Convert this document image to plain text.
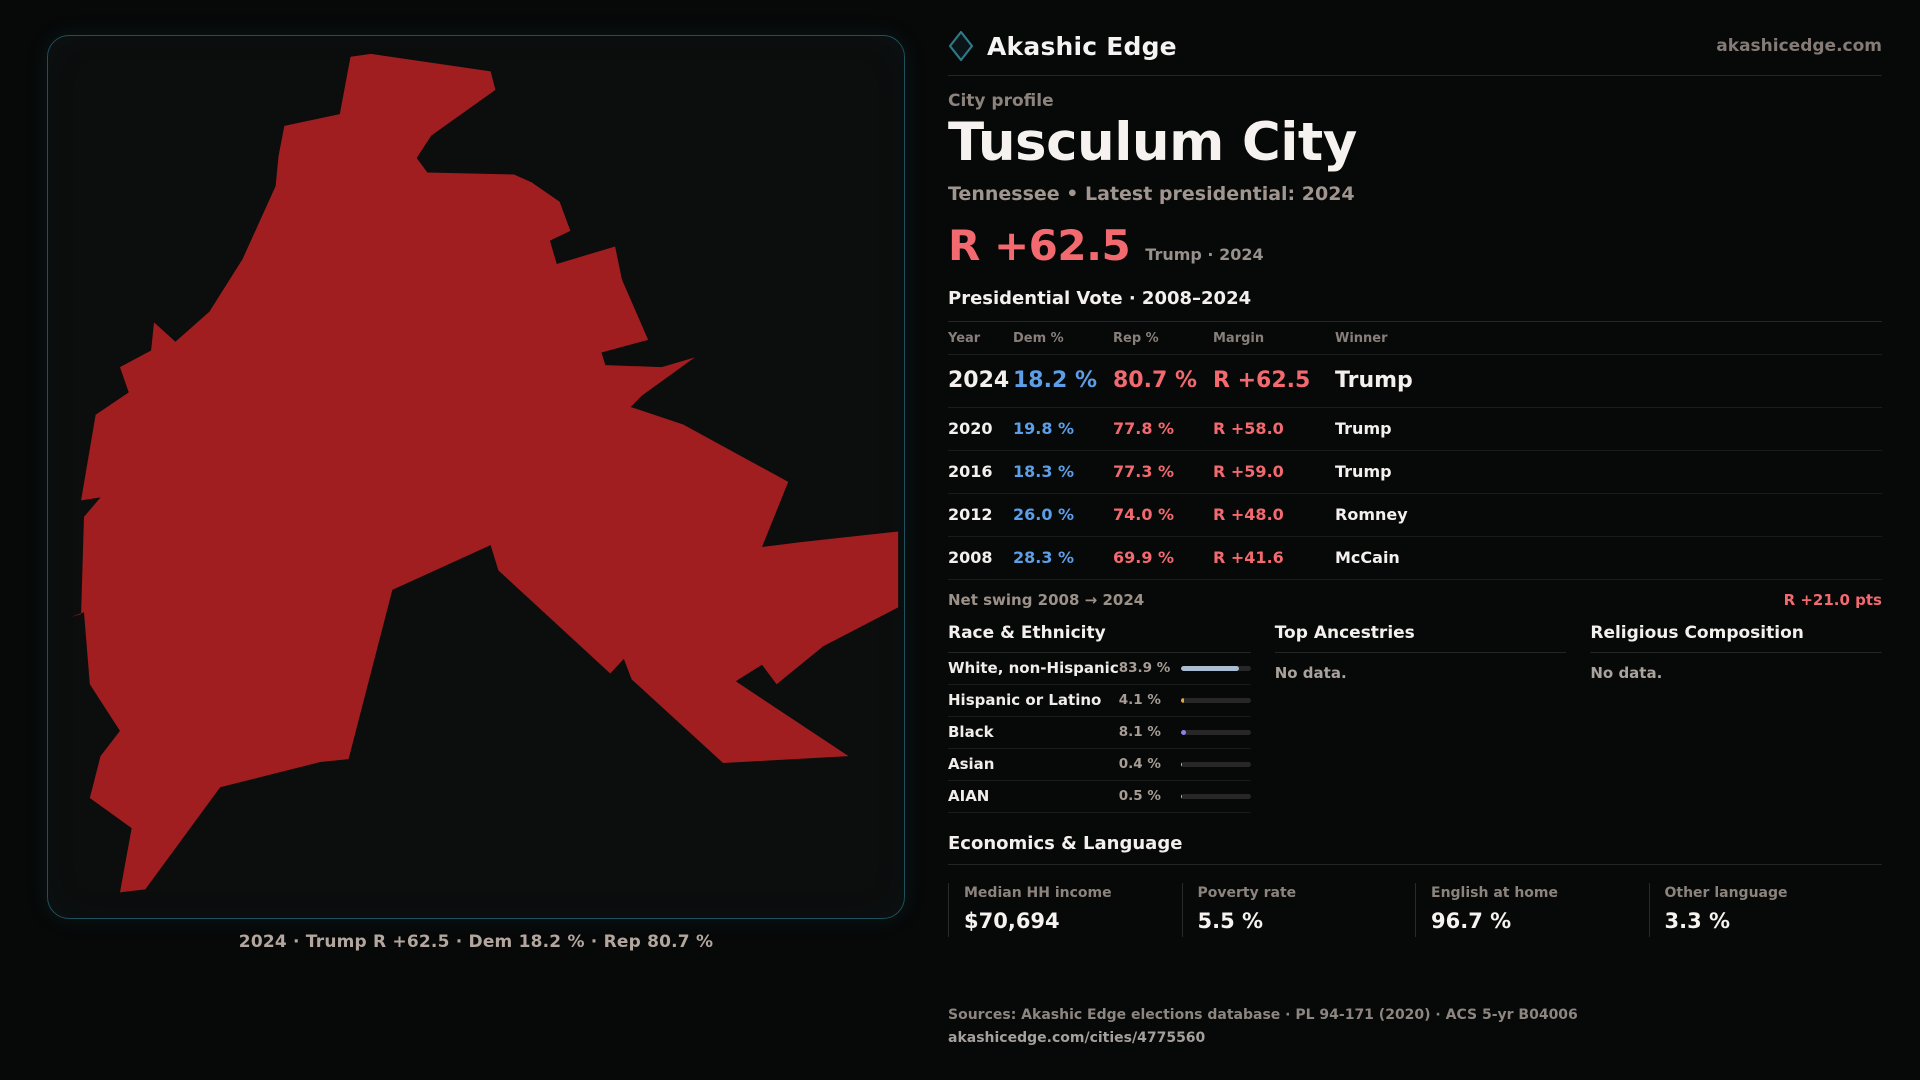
2024 · Trump R +62.5 · Dem 18.2 % · Rep 80.7 %
Akashic Edge	akashicedge.com
City profile
Tusculum City
Tennessee • Latest presidential: 2024
R +62.5 Trump · 2024
Presidential Vote · 2008–2024
Year	Dem %	Rep %	Margin	Winner
2024 18.2 % 80.7 % R +62.5	Trump
2020	19.8 %	77.8 %	R +58.0	Trump
2016	18.3 %	77.3 %	R +59.0	Trump
2012	26.0 %	74.0 %	R +48.0	Romney
2008	28.3 %	69.9 %	R +41.6	McCain
Net swing 2008 → 2024	R +21.0 pts
Race & Ethnicity
White, non-Hispanic 83.9 %
Hispanic or Latino	4.1 %
Black	8.1 %
Asian	0.4 %
AIAN	0.5 %
Top Ancestries
No data.
Religious Composition
No data.
Economics & Language
Median HH income
$70,694
Poverty rate
5.5 %
English at home
96.7 %
Other language
3.3 %
Sources: Akashic Edge elections database · PL 94-171 (2020) · ACS 5-yr B04006
akashicedge.com/cities/4775560
